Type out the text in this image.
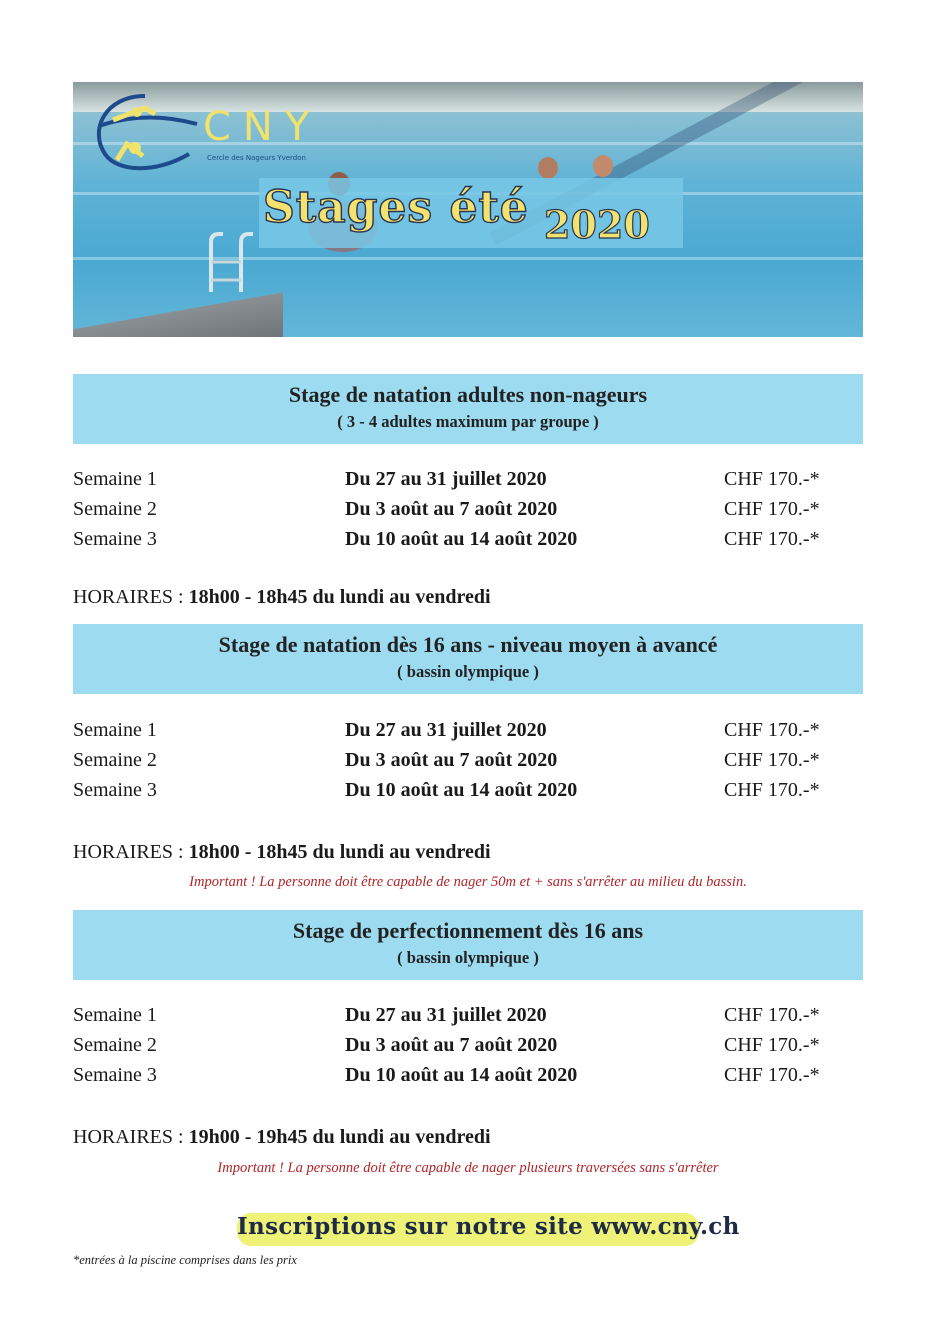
CNY
Cercle des Nageurs Yverdon
Stages été 2020
Stage de natation adultes non-nageurs
( 3 - 4 adultes maximum par groupe )
Semaine 1	Du 27 au 31 juillet 2020	CHF 170.-*
Semaine 2	Du 3 août au 7 août 2020	CHF 170.-*
Semaine 3	Du 10 août au 14 août 2020	CHF 170.-*
HORAIRES : 18h00 - 18h45 du lundi au vendredi
Stage de natation dès 16 ans - niveau moyen à avancé
( bassin olympique )
Semaine 1	Du 27 au 31 juillet 2020	CHF 170.-*
Semaine 2	Du 3 août au 7 août 2020	CHF 170.-*
Semaine 3	Du 10 août au 14 août 2020	CHF 170.-*
HORAIRES : 18h00 - 18h45 du lundi au vendredi
Important ! La personne doit être capable de nager 50m et + sans s'arrêter au milieu du bassin.
Stage de perfectionnement dès 16 ans
( bassin olympique )
Semaine 1	Du 27 au 31 juillet 2020	CHF 170.-*
Semaine 2	Du 3 août au 7 août 2020	CHF 170.-*
Semaine 3	Du 10 août au 14 août 2020	CHF 170.-*
HORAIRES : 19h00 - 19h45 du lundi au vendredi
Important ! La personne doit être capable de nager plusieurs traversées sans s'arrêter
Inscriptions sur notre site www.cny.ch
*entrées à la piscine comprises dans les prix
